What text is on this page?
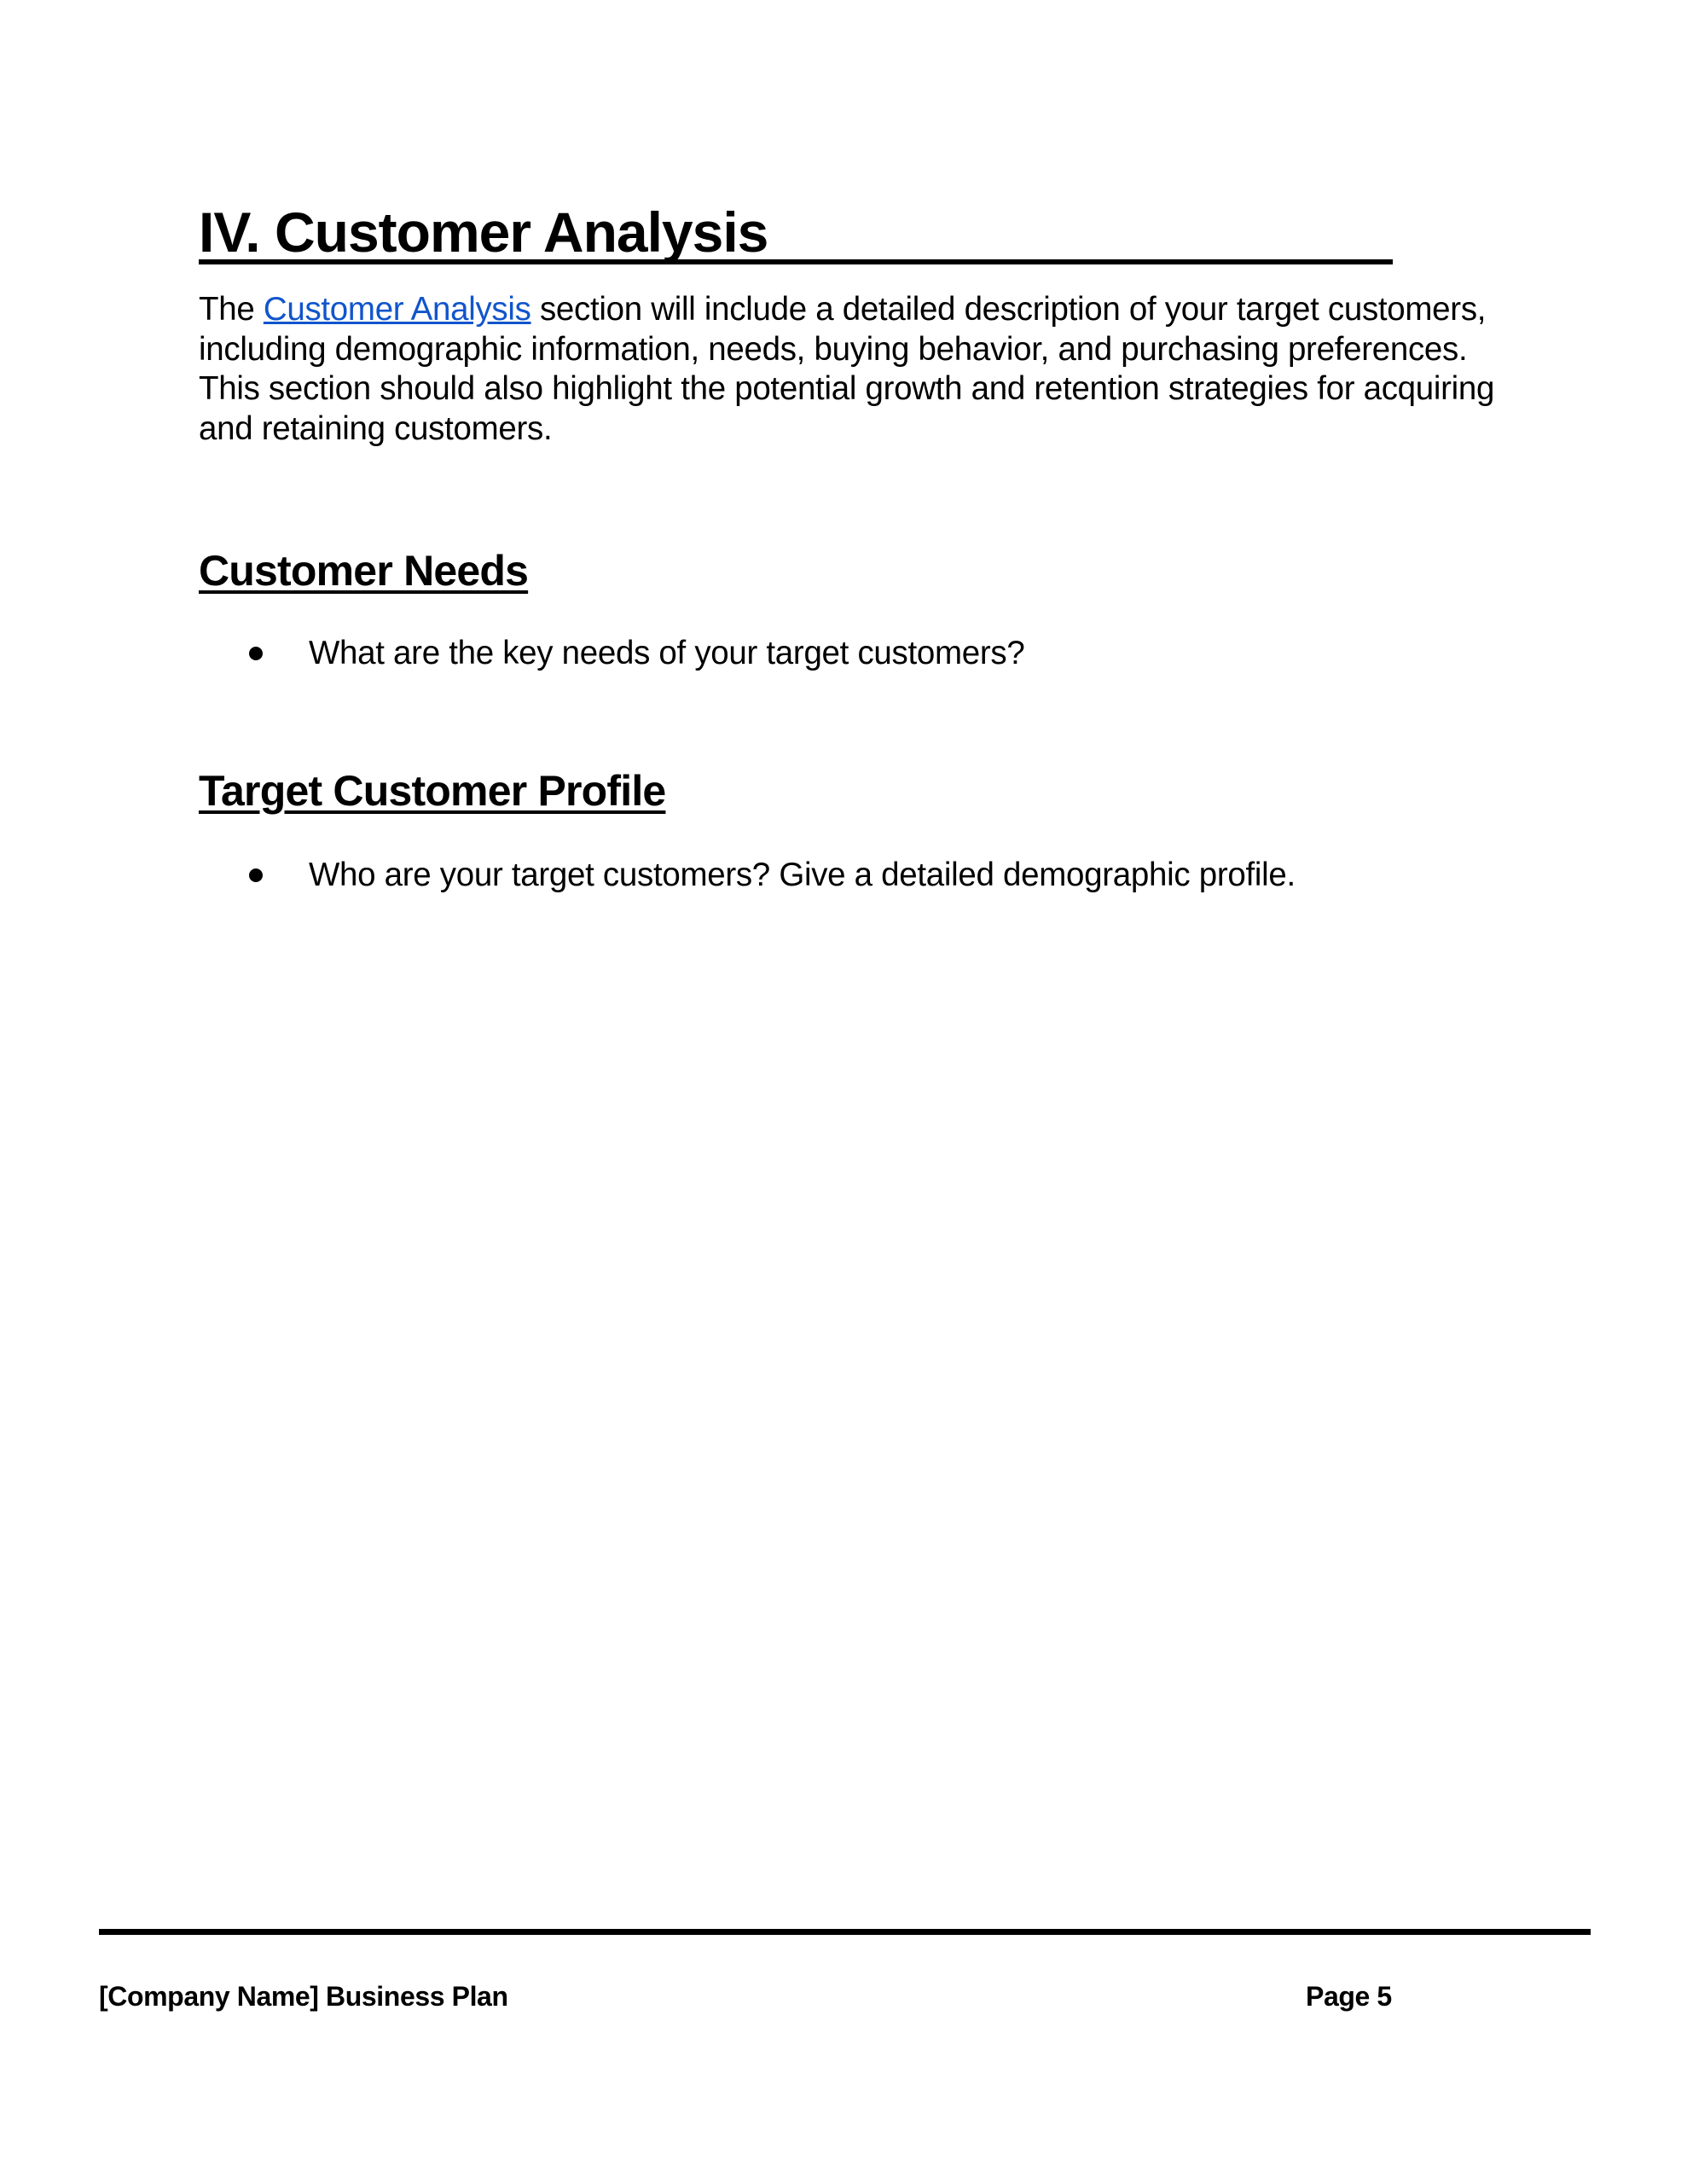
IV. Customer Analysis

The Customer Analysis section will include a detailed description of your target customers, including demographic information, needs, buying behavior, and purchasing preferences. This section should also highlight the potential growth and retention strategies for acquiring and retaining customers.

Customer Needs

What are the key needs of your target customers?

Target Customer Profile

Who are your target customers? Give a detailed demographic profile.

[Company Name] Business Plan	Page 5
